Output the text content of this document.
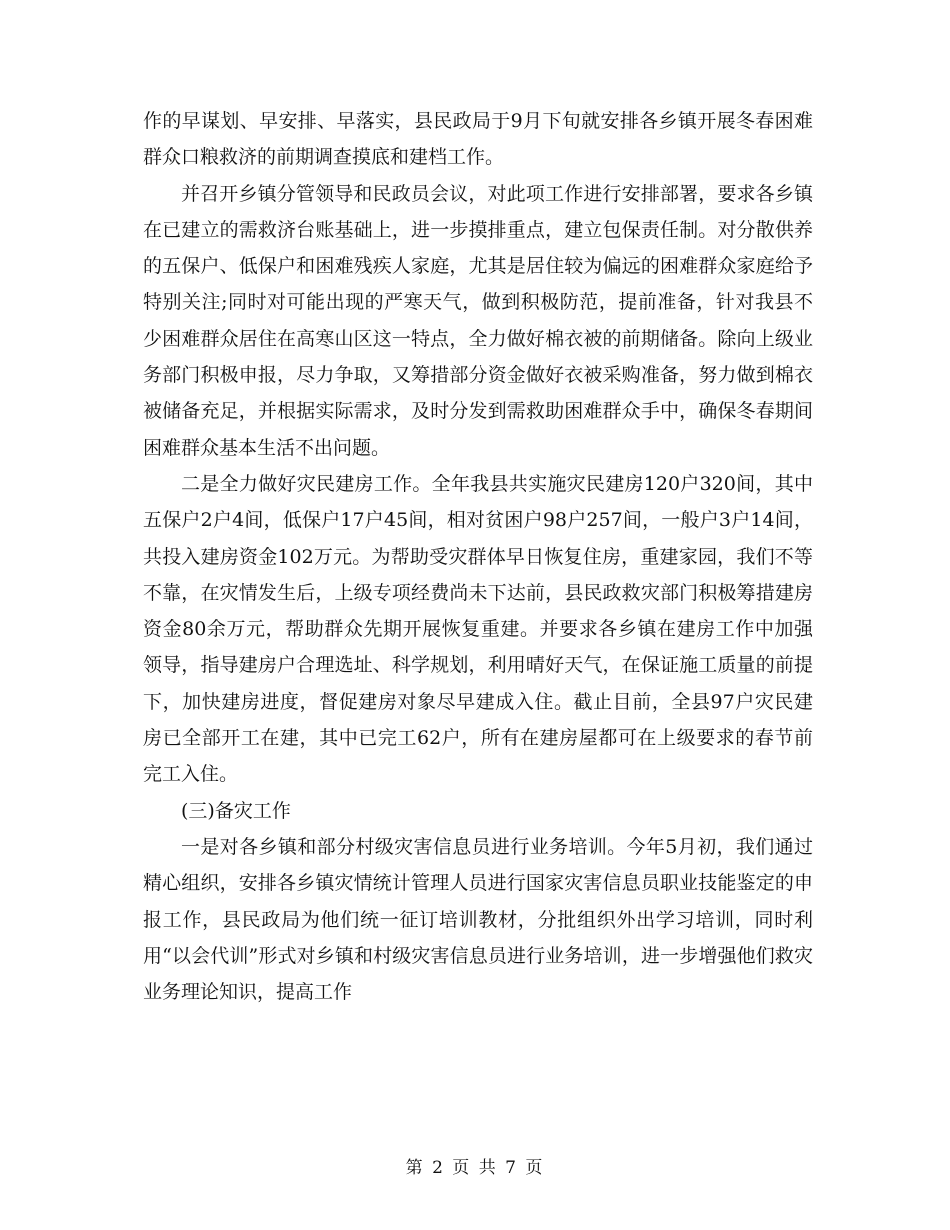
作的早谋划、早安排、早落实，县民政局于9月下旬就安排各乡镇开展冬春困难群众口粮救济的前期调查摸底和建档工作。

并召开乡镇分管领导和民政员会议，对此项工作进行安排部署，要求各乡镇在已建立的需救济台账基础上，进一步摸排重点，建立包保责任制。对分散供养的五保户、低保户和困难残疾人家庭，尤其是居住较为偏远的困难群众家庭给予特别关注;同时对可能出现的严寒天气，做到积极防范，提前准备，针对我县不少困难群众居住在高寒山区这一特点，全力做好棉衣被的前期储备。除向上级业务部门积极申报，尽力争取，又筹措部分资金做好衣被采购准备，努力做到棉衣被储备充足，并根据实际需求，及时分发到需救助困难群众手中，确保冬春期间困难群众基本生活不出问题。

二是全力做好灾民建房工作。全年我县共实施灾民建房120户320间，其中五保户2户4间，低保户17户45间，相对贫困户98户257间，一般户3户14间，共投入建房资金102万元。为帮助受灾群体早日恢复住房，重建家园，我们不等不靠，在灾情发生后，上级专项经费尚未下达前，县民政救灾部门积极筹措建房资金80余万元，帮助群众先期开展恢复重建。并要求各乡镇在建房工作中加强领导，指导建房户合理选址、科学规划，利用晴好天气，在保证施工质量的前提下，加快建房进度，督促建房对象尽早建成入住。截止目前，全县97户灾民建房已全部开工在建，其中已完工62户，所有在建房屋都可在上级要求的春节前完工入住。

(三)备灾工作

一是对各乡镇和部分村级灾害信息员进行业务培训。今年5月初，我们通过精心组织，安排各乡镇灾情统计管理人员进行国家灾害信息员职业技能鉴定的申报工作，县民政局为他们统一征订培训教材，分批组织外出学习培训，同时利用“以会代训”形式对乡镇和村级灾害信息员进行业务培训，进一步增强他们救灾业务理论知识，提高工作

第 2 页 共 7 页
